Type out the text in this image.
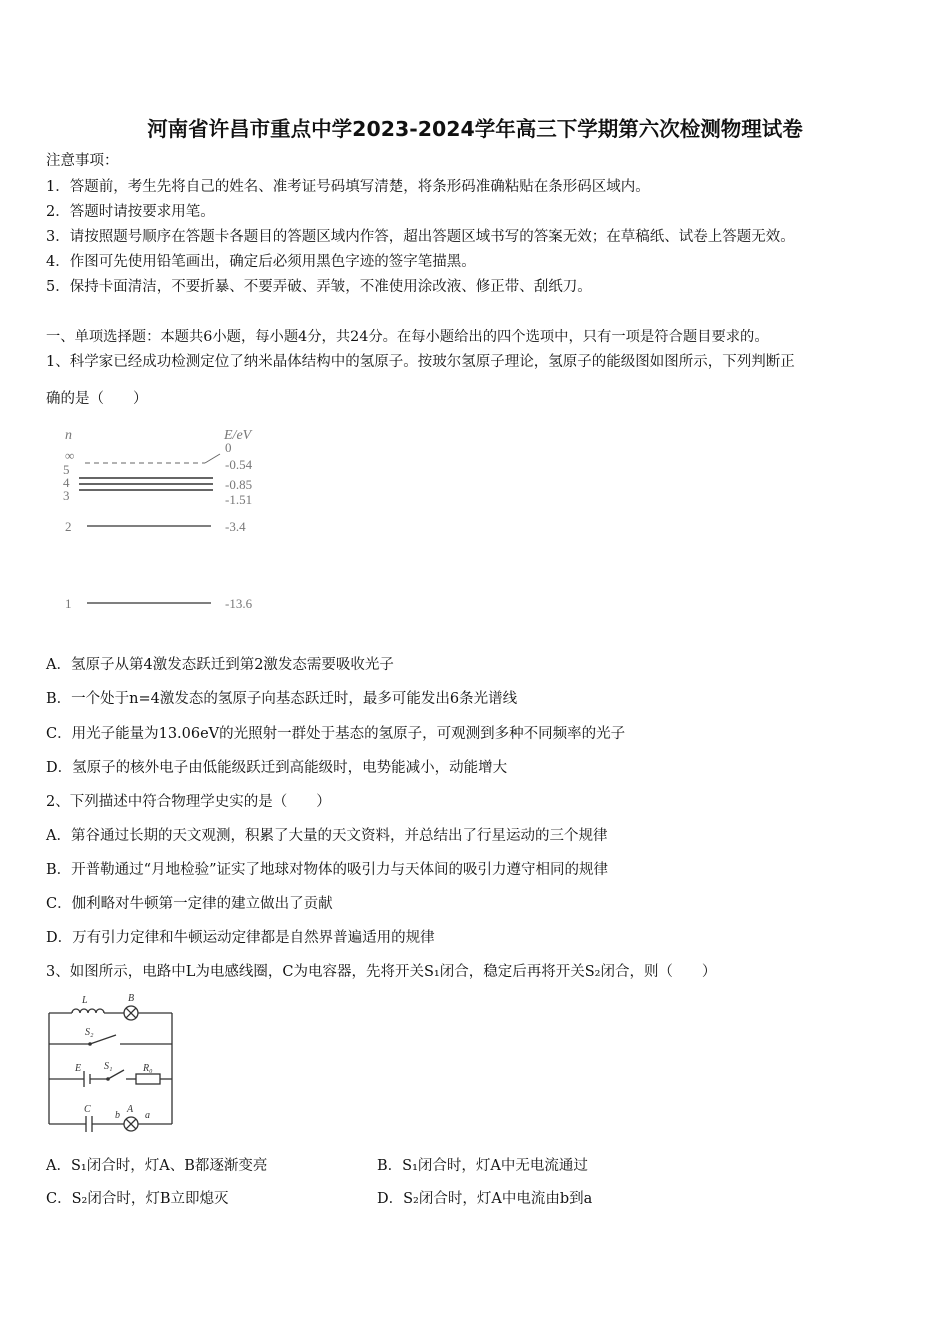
河南省许昌市重点中学2023-2024学年高三下学期第六次检测物理试卷
注意事项：
1．答题前，考生先将自己的姓名、准考证号码填写清楚，将条形码准确粘贴在条形码区域内。
2．答题时请按要求用笔。
3．请按照题号顺序在答题卡各题目的答题区域内作答，超出答题区域书写的答案无效；在草稿纸、试卷上答题无效。
4．作图可先使用铅笔画出，确定后必须用黑色字迹的签字笔描黑。
5．保持卡面清洁，不要折暴、不要弄破、弄皱，不准使用涂改液、修正带、刮纸刀。
一、单项选择题：本题共6小题，每小题4分，共24分。在每小题给出的四个选项中，只有一项是符合题目要求的。
1、科学家已经成功检测定位了纳米晶体结构中的氢原子。按玻尔氢原子理论，氢原子的能级图如图所示，下列判断正
确的是（　　）
n	E/eV
∞
5
4
3
2
1
0
-0.54
-0.85
-1.51
-3.4
-13.6
A．氢原子从第4激发态跃迁到第2激发态需要吸收光子
B．一个处于n=4激发态的氢原子向基态跃迁时，最多可能发出6条光谱线
C．用光子能量为13.06eV的光照射一群处于基态的氢原子，可观测到多种不同频率的光子
D．氢原子的核外电子由低能级跃迁到高能级时，电势能减小，动能增大
2、下列描述中符合物理学史实的是（　　）
A．第谷通过长期的天文观测，积累了大量的天文资料，并总结出了行星运动的三个规律
B．开普勒通过“月地检验”证实了地球对物体的吸引力与天体间的吸引力遵守相同的规律
C．伽利略对牛顿第一定律的建立做出了贡献
D．万有引力定律和牛顿运动定律都是自然界普遍适用的规律
3、如图所示，电路中L为电感线圈，C为电容器，先将开关S₁闭合，稳定后再将开关S₂闭合，则（　　）
L	B
S₂
E S₁	R₀
C
b
A
a
A．S₁闭合时，灯A、B都逐渐变亮	B．S₁闭合时，灯A中无电流通过
C．S₂闭合时，灯B立即熄灭	D．S₂闭合时，灯A中电流由b到a
